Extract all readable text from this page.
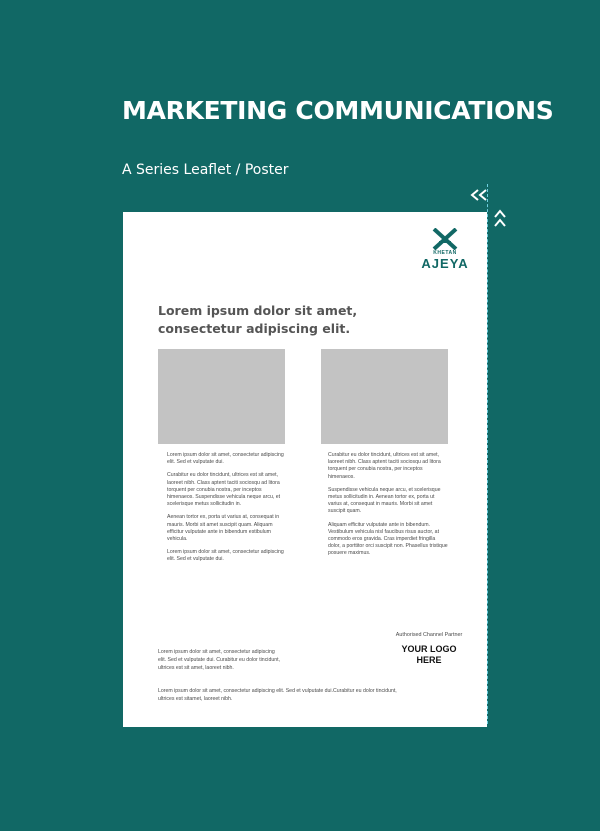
MARKETING COMMUNICATIONS
A Series Leaflet / Poster
KHETAN
AJEYA
Lorem ipsum dolor sit amet, consectetur adipiscing elit.

Lorem ipsum dolor sit amet, consectetur adipiscing elit. Sed et vulputate dui.

Curabitur eu dolor tincidunt, ultrices est sit amet, laoreet nibh. Class aptent taciti sociosqu ad litora torquent per conubia nostra, per inceptos himenaeos. Suspendisse vehicula neque arcu, et scelerisque metus sollicitudin in.

Aenean tortor ex, porta ut varius at, consequat in mauris. Morbi sit amet suscipit quam. Aliquam efficitur vulputate ante in bibendum estibulum vehicula.

Lorem ipsum dolor sit amet, consectetur adipiscing elit. Sed et vulputate dui.

Curabitur eu dolor tincidunt, ultrices est sit amet, laoreet nibh. Class aptent taciti sociosqu ad litora torquent per conubia nostra, per inceptos himenaeos.

Suspendisse vehicula neque arcu, et scelerisque metus sollicitudin in. Aenean tortor ex, porta ut varius at, consequat in mauris. Morbi sit amet suscipit quam.

Aliquam efficitur vulputate ante in bibendum. Vestibulum vehicula nisl faucibus risus auctor, at commodo eros gravida. Cras imperdiet fringilla dolor, a porttitor orci suscipit non. Phasellus tristique posuere maximus.

Authorised Channel Partner
YOUR LOGO
HERE
Lorem ipsum dolor sit amet, consectetur adipiscing elit. Sed et vulputate dui. Curabitur eu dolor tincidunt, ultrices est sit amet, laoreet nibh.
Lorem ipsum dolor sit amet, consectetur adipiscing elit. Sed et vulputate dui.Curabitur eu dolor tincidunt, ultrices est sitamet, laoreet nibh.
